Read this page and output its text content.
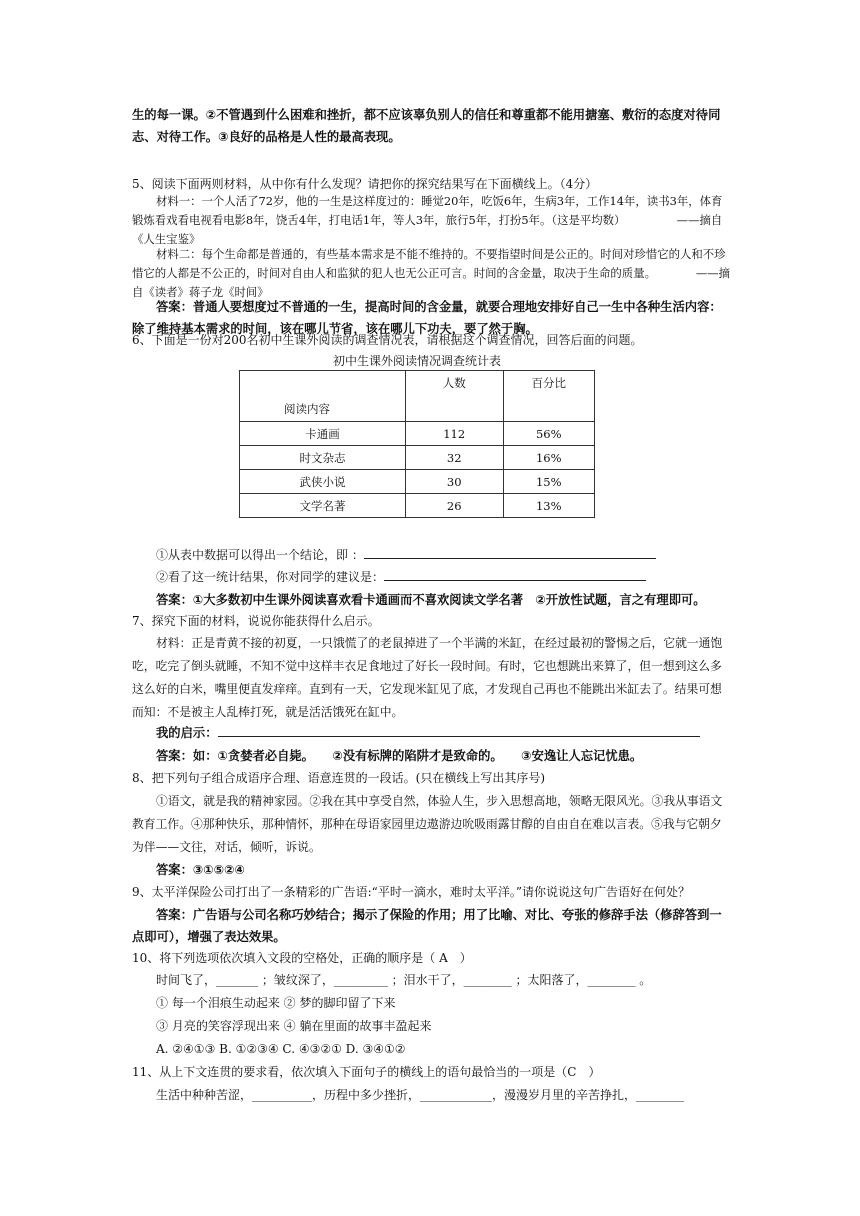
生的每一课。②不管遇到什么困难和挫折，都不应该辜负别人的信任和尊重都不能用搪塞、敷衍的态度对待同志、对待工作。③良好的品格是人性的最高表现。

5、阅读下面两则材料，从中你有什么发现？请把你的探究结果写在下面横线上。（4分）

材料一：一个人活了72岁，他的一生是这样度过的：睡觉20年，吃饭6年，生病3年，工作14年，读书3年，体育锻炼看戏看电视看电影8年，饶舌4年，打电话1年，等人3年，旅行5年，打扮5年。（这是平均数）　　　　　——摘自《人生宝鉴》

材料二：每个生命都是普通的，有些基本需求是不能不维持的。不要指望时间是公正的。时间对珍惜它的人和不珍惜它的人都是不公正的，时间对自由人和监狱的犯人也无公正可言。时间的含金量，取决于生命的质量。　　　　——摘自《读者》蒋子龙《时间》

答案：普通人要想度过不普通的一生，提高时间的含金量，就要合理地安排好自己一生中各种生活内容：除了维持基本需求的时间，该在哪儿节省，该在哪儿下功夫，要了然于胸。

6、下面是一份对200名初中生课外阅读的调查情况表，请根据这个调查情况，回答后面的问题。

初中生课外阅读情况调查统计表
阅读内容	人数	百分比
卡通画	112	56%
时文杂志	32	16%
武侠小说	30	15%
文学名著	26	13%
①从表中数据可以得出一个结论，即 ：
②看了这一统计结果，你对同学的建议是：

答案：①大多数初中生课外阅读喜欢看卡通画而不喜欢阅读文学名著　②开放性试题，言之有理即可。

7、探究下面的材料，说说你能获得什么启示。

材料：正是青黄不接的初夏，一只饿慌了的老鼠掉进了一个半满的米缸，在经过最初的警惕之后，它就一通饱吃，吃完了倒头就睡，不知不觉中这样丰衣足食地过了好长一段时间。有时，它也想跳出来算了，但一想到这么多这么好的白米，嘴里便直发痒痒。直到有一天，它发现米缸见了底，才发现自己再也不能跳出米缸去了。结果可想而知：不是被主人乱棒打死，就是活活饿死在缸中。

我的启示：

答案：如：①贪婪者必自毙。　　②没有标牌的陷阱才是致命的。　　③安逸让人忘记忧患。

8、把下列句子组合成语序合理、语意连贯的一段话。(只在横线上写出其序号)

①语文，就是我的精神家园。②我在其中享受自然，体验人生，步入思想高地，领略无限风光。③我从事语文教育工作。④那种快乐，那种情怀，那种在母语家园里边遨游边吮吸雨露甘醇的自由自在难以言表。⑤我与它朝夕为伴——文往，对话，倾听，诉说。

答案：③①⑤②④

9、太平洋保险公司打出了一条精彩的广告语:“平时一滴水，难时太平洋。”请你说说这句广告语好在何处？

答案：广告语与公司名称巧妙结合；揭示了保险的作用；用了比喻、对比、夸张的修辞手法（修辞答到一点即可），增强了表达效果。

10、将下列选项依次填入文段的空格处，正确的顺序是（ A　）

时间飞了，_______ ；皱纹深了，_________ ；泪水干了，________ ；太阳落了，________ 。

① 每一个泪痕生动起来 ② 梦的脚印留了下来

③ 月亮的笑容浮现出来 ④ 躺在里面的故事丰盈起来

A. ②④①③ B. ①②③④ C. ④③②① D. ③④①②

11、从上下文连贯的要求看，依次填入下面句子的横线上的语句最恰当的一项是（C　）

生活中种种苦涩，__________，历程中多少挫折，____________，漫漫岁月里的辛苦挣扎，________
